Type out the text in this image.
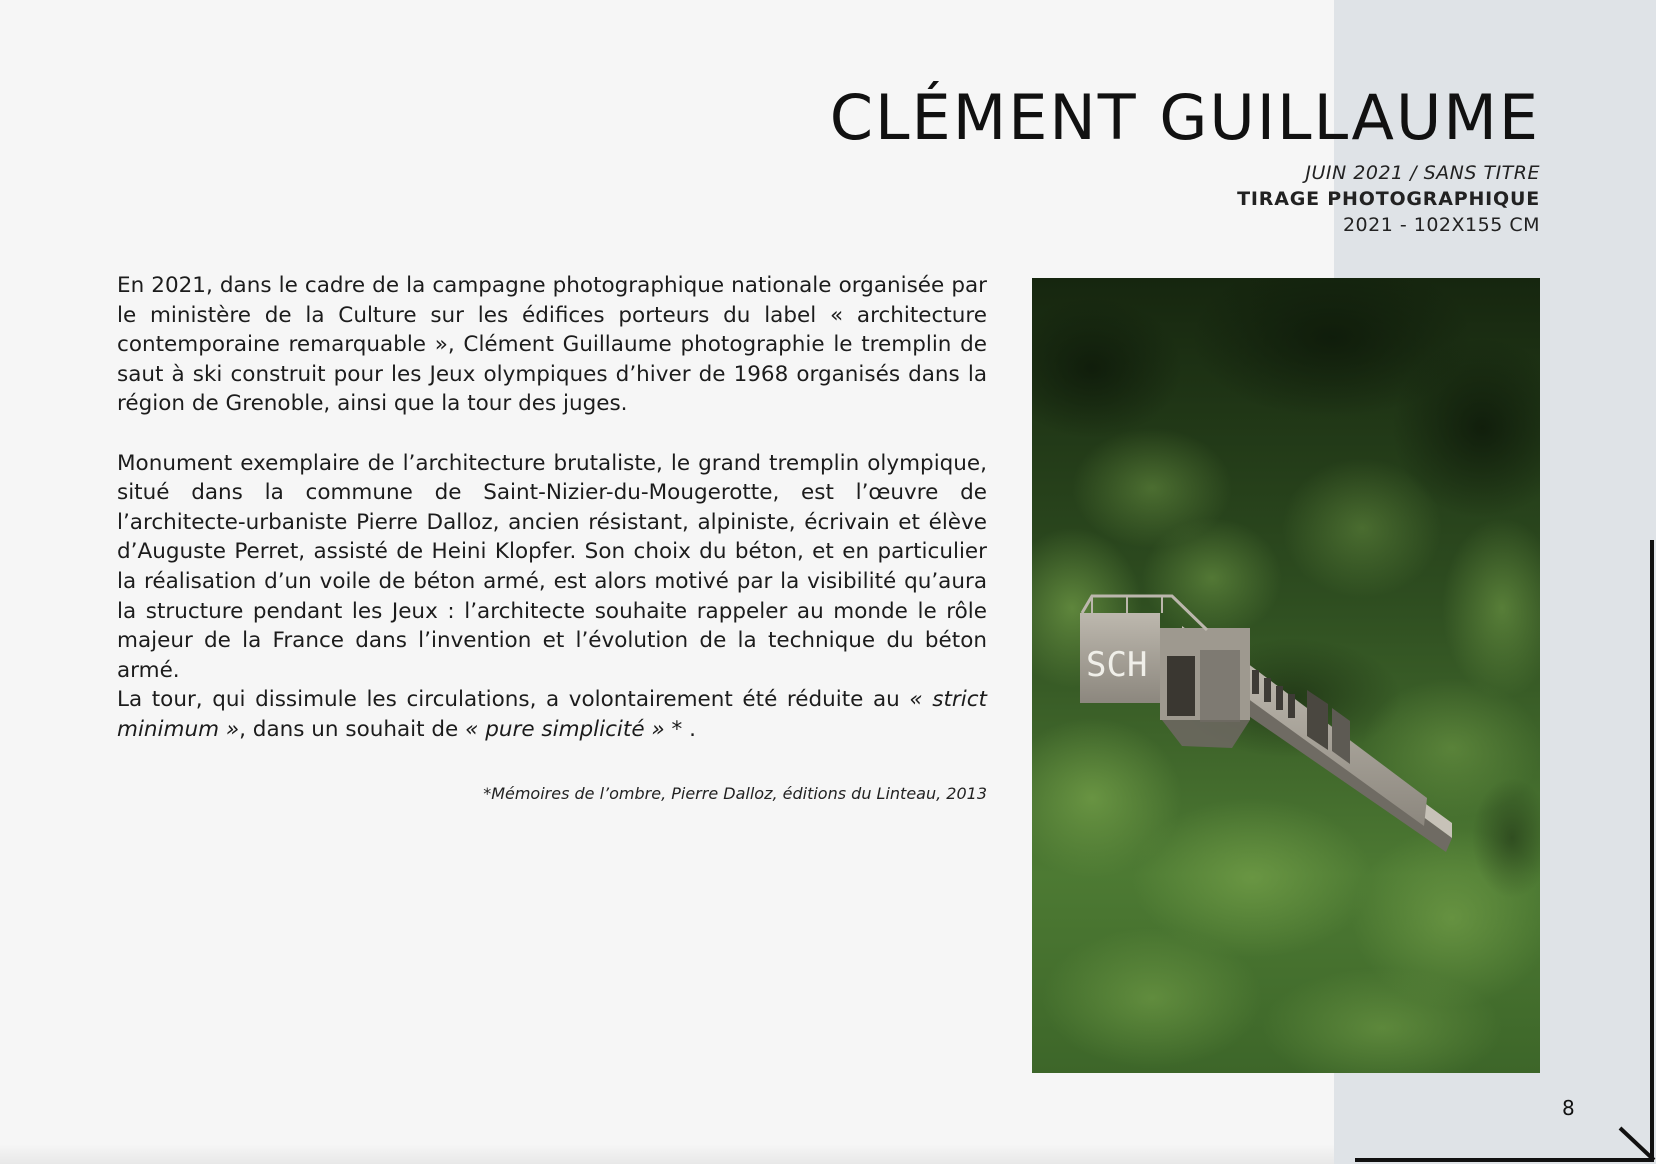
CLÉMENT GUILLAUME
JUIN 2021 / SANS TITRE
TIRAGE PHOTOGRAPHIQUE
2021 - 102X155 CM

En 2021, dans le cadre de la campagne photographique nationale organisée par le ministère de la Culture sur les édifices porteurs du label « architecture contemporaine remarquable », Clément Guillaume photographie le tremplin de saut à ski construit pour les Jeux olympiques d’hiver de 1968 organisés dans la région de Grenoble, ainsi que la tour des juges.

Monument exemplaire de l’architecture brutaliste, le grand tremplin olympique, situé dans la commune de Saint-Nizier-du-Mougerotte, est l’œuvre de l’architecte-urbaniste Pierre Dalloz, ancien résistant, alpiniste, écrivain et élève d’Auguste Perret, assisté de Heini Klopfer. Son choix du béton, et en particulier la réalisation d’un voile de béton armé, est alors motivé par la visibilité qu’aura la structure pendant les Jeux : l’architecte souhaite rappeler au monde le rôle majeur de la France dans l’invention et l’évolution de la technique du béton armé.

La tour, qui dissimule les circulations, a volontairement été réduite au « strict minimum », dans un souhait de « pure simplicité » * .

*Mémoires de l’ombre, Pierre Dalloz, éditions du Linteau, 2013
SCH
8
